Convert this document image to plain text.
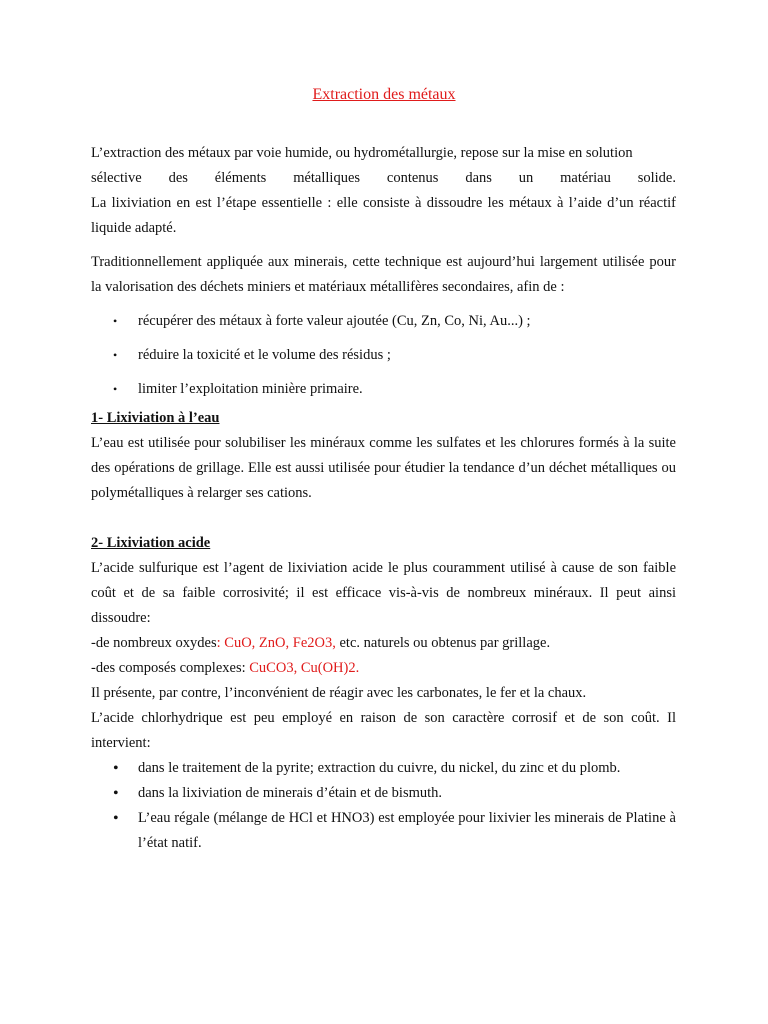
Extraction des métaux
L’extraction des métaux par voie humide, ou hydrométallurgie, repose sur la mise en solution
sélective des éléments métalliques contenus dans un matériau solide.
La lixiviation en est l’étape essentielle : elle consiste à dissoudre les métaux à l’aide d’un réactif liquide adapté.

Traditionnellement appliquée aux minerais, cette technique est aujourd’hui largement utilisée pour la valorisation des déchets miniers et matériaux métallifères secondaires, afin de :

• récupérer des métaux à forte valeur ajoutée (Cu, Zn, Co, Ni, Au...) ;
• réduire la toxicité et le volume des résidus ;
• limiter l’exploitation minière primaire.

1- Lixiviation à l’eau

L’eau est utilisée pour solubiliser les minéraux comme les sulfates et les chlorures formés à la suite des opérations de grillage. Elle est aussi utilisée pour étudier la tendance d’un déchet métalliques ou polymétalliques à relarger ses cations.

2- Lixiviation acide

L’acide sulfurique est l’agent de lixiviation acide le plus couramment utilisé à cause de son faible coût et de sa faible corrosivité; il est efficace vis-à-vis de nombreux minéraux. Il peut ainsi dissoudre:

-de nombreux oxydes: CuO, ZnO, Fe2O3, etc. naturels ou obtenus par grillage.

-des composés complexes: CuCO3, Cu(OH)2.

Il présente, par contre, l’inconvénient de réagir avec les carbonates, le fer et la chaux.

L’acide chlorhydrique est peu employé en raison de son caractère corrosif et de son coût. Il intervient:

• dans le traitement de la pyrite; extraction du cuivre, du nickel, du zinc et du plomb.
• dans la lixiviation de minerais d’étain et de bismuth.
• L’eau régale (mélange de HCl et HNO3) est employée pour lixivier les minerais de Platine à l’état natif.
